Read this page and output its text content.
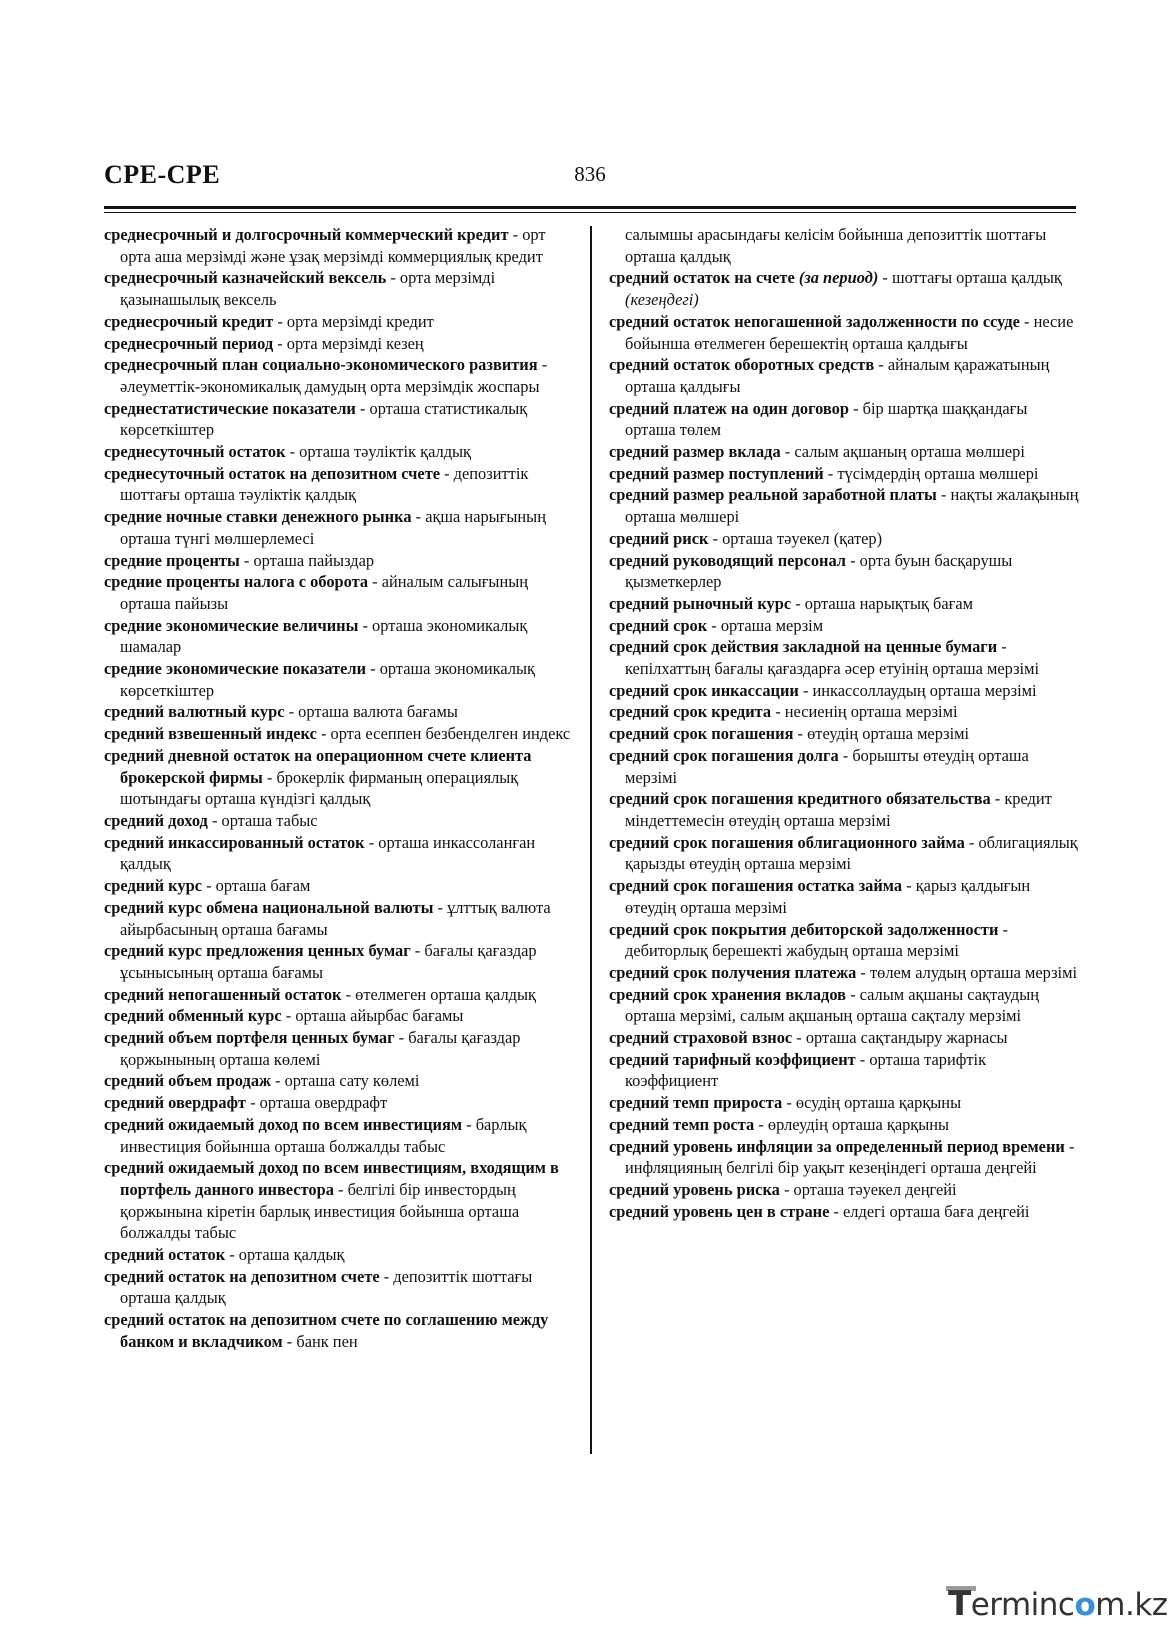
СРЕ-СРЕ	836

среднесрочный и долгосрочный коммерческий кредит - орт орта аша мерзімді және ұзақ мерзімді коммерциялық кредит

среднесрочный казначейский вексель - орта мерзімді қазынашылық вексель

среднесрочный кредит - орта мерзімді кредит

среднесрочный период - орта мерзімді кезең

среднесрочный план социально-экономического развития - әлеуметтік-экономикалық дамудың орта мерзімдік жоспары

среднестатистические показатели - орташа статистикалық көрсеткіштер

среднесуточный остаток - орташа тәуліктік қалдық

среднесуточный остаток на депозитном счете - депозиттік шоттағы орташа тәуліктік қалдық

средние ночные ставки денежного рынка - ақша нарығының орташа түнгі мөлшерлемесі

средние проценты - орташа пайыздар

средние проценты налога с оборота - айналым салығының орташа пайызы

средние экономические величины - орташа экономикалық шамалар

средние экономические показатели - орташа экономикалық көрсеткіштер

средний валютный курс - орташа валюта бағамы

средний взвешенный индекс - орта есеппен безбенделген индекс

средний дневной остаток на операционном счете клиента брокерской фирмы - брокерлік фирманың операциялық шотындағы орташа күндізгі қалдық

средний доход - орташа табыс

средний инкассированный остаток - орташа инкассоланған қалдық

средний курс - орташа бағам

средний курс обмена национальной валюты - ұлттық валюта айырбасының орташа бағамы

средний курс предложения ценных бумаг - бағалы қағаздар ұсынысының орташа бағамы

средний непогашенный остаток - өтелмеген орташа қалдық

средний обменный курс - орташа айырбас бағамы

средний объем портфеля ценных бумаг - бағалы қағаздар қоржынының орташа көлемі

средний объем продаж - орташа сату көлемі

средний овердрафт - орташа овердрафт

средний ожидаемый доход по всем инвестициям - барлық инвестиция бойынша орташа болжалды табыс

средний ожидаемый доход по всем инвестициям, входящим в портфель данного инвестора - белгілі бір инвестордың қоржынына кіретін барлық инвестиция бойынша орташа болжалды табыс

средний остаток - орташа қалдық

средний остаток на депозитном счете - депозиттік шоттағы орташа қалдық

средний остаток на депозитном счете по соглашению между банком и вкладчиком - банк пен

салымшы арасындағы келісім бойынша депозиттік шоттағы орташа қалдық

средний остаток на счете (за период) - шоттағы орташа қалдық (кезеңдегі)

средний остаток непогашенной задолженности по ссуде - несие бойынша өтелмеген берешектің орташа қалдығы

средний остаток оборотных средств - айналым қаражатының орташа қалдығы

средний платеж на один договор - бір шартқа шаққандағы орташа төлем

средний размер вклада - салым ақшаның орташа мөлшері

средний размер поступлений - түсімдердің орташа мөлшері

средний размер реальной заработной платы - нақты жалақының орташа мөлшері

средний риск - орташа тәуекел (қатер)

средний руководящий персонал - орта буын басқарушы қызметкерлер

средний рыночный курс - орташа нарықтық бағам

средний срок - орташа мерзім

средний срок действия закладной на ценные бумаги - кепілхаттың бағалы қағаздарға әсер етуінің орташа мерзімі

средний срок инкассации - инкассоллаудың орташа мерзімі

средний срок кредита - несиенің орташа мерзімі

средний срок погашения - өтеудің орташа мерзімі

средний срок погашения долга - борышты өтеудің орташа мерзімі

средний срок погашения кредитного обязательства - кредит міндеттемесін өтеудің орташа мерзімі

средний срок погашения облигационного займа - облигациялық қарызды өтеудің орташа мерзімі

средний срок погашения остатка займа - қарыз қалдығын өтеудің орташа мерзімі

средний срок покрытия дебиторской задолженности - дебиторлық берешекті жабудың орташа мерзімі

средний срок получения платежа - төлем алудың орташа мерзімі

средний срок хранения вкладов - салым ақшаны сақтаудың орташа мерзімі, салым ақшаның орташа сақталу мерзімі

средний страховой взнос - орташа сақтандыру жарнасы

средний тарифный коэффициент - орташа тарифтік коэффициент

средний темп прироста - өсудің орташа қарқыны

средний темп роста - өрлеудің орташа қарқыны

средний уровень инфляции за определенный период времени - инфляцияның белгілі бір уақыт кезеңіндегі орташа деңгейі

средний уровень риска - орташа тәуекел деңгейі

средний уровень цен в стране - елдегі орташа баға деңгейі

Termincom.kz
